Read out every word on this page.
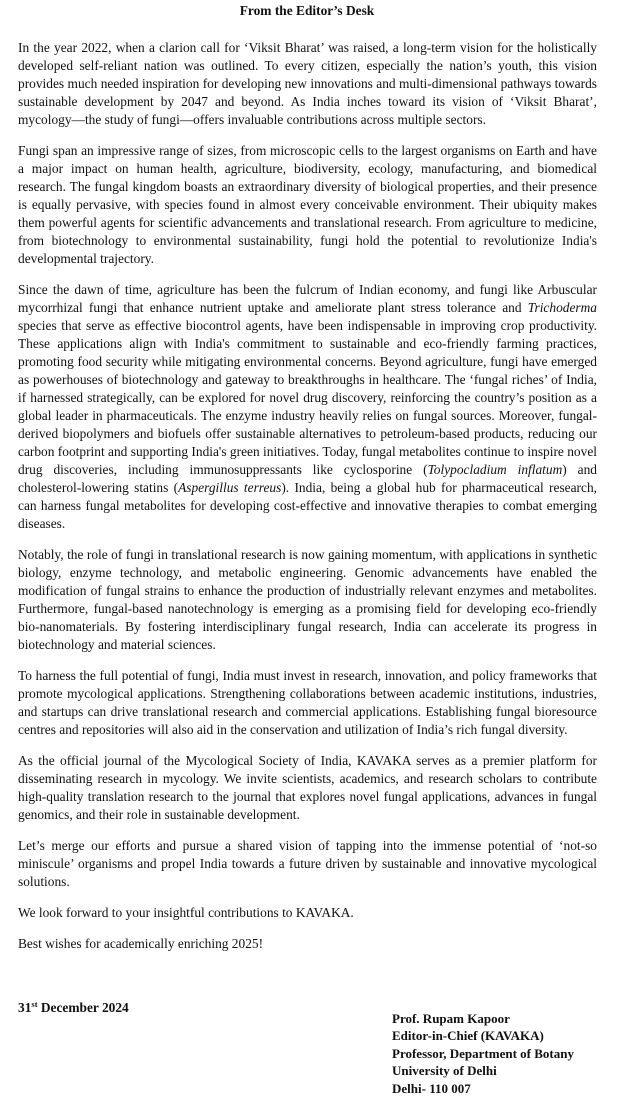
From the Editor’s Desk

In the year 2022, when a clarion call for ‘Viksit Bharat’ was raised, a long-term vision for the holistically developed self-reliant nation was outlined. To every citizen, especially the nation’s youth, this vision provides much needed inspiration for developing new innovations and multi-dimensional pathways towards sustainable development by 2047 and beyond. As India inches toward its vision of ‘Viksit Bharat’, mycology—the study of fungi—offers invaluable contributions across multiple sectors.

Fungi span an impressive range of sizes, from microscopic cells to the largest organisms on Earth and have a major impact on human health, agriculture, biodiversity, ecology, manufacturing, and biomedical research. The fungal kingdom boasts an extraordinary diversity of biological properties, and their presence is equally pervasive, with species found in almost every conceivable environment. Their ubiquity makes them powerful agents for scientific advancements and translational research. From agriculture to medicine, from biotechnology to environmental sustainability, fungi hold the potential to revolutionize India's developmental trajectory.

Since the dawn of time, agriculture has been the fulcrum of Indian economy, and fungi like Arbuscular mycorrhizal fungi that enhance nutrient uptake and ameliorate plant stress tolerance and Trichoderma species that serve as effective biocontrol agents, have been indispensable in improving crop productivity. These applications align with India's commitment to sustainable and eco-friendly farming practices, promoting food security while mitigating environmental concerns. Beyond agriculture, fungi have emerged as powerhouses of biotechnology and gateway to breakthroughs in healthcare. The ‘fungal riches’ of India, if harnessed strategically, can be explored for novel drug discovery, reinforcing the country’s position as a global leader in pharmaceuticals. The enzyme industry heavily relies on fungal sources. Moreover, fungal-derived biopolymers and biofuels offer sustainable alternatives to petroleum-based products, reducing our carbon footprint and supporting India's green initiatives. Today, fungal metabolites continue to inspire novel drug discoveries, including immunosuppressants like cyclosporine (Tolypocladium inflatum) and cholesterol-lowering statins (Aspergillus terreus). India, being a global hub for pharmaceutical research, can harness fungal metabolites for developing cost-effective and innovative therapies to combat emerging diseases.

Notably, the role of fungi in translational research is now gaining momentum, with applications in synthetic biology, enzyme technology, and metabolic engineering. Genomic advancements have enabled the modification of fungal strains to enhance the production of industrially relevant enzymes and metabolites. Furthermore, fungal-based nanotechnology is emerging as a promising field for developing eco-friendly bio-nanomaterials. By fostering interdisciplinary fungal research, India can accelerate its progress in biotechnology and material sciences.

To harness the full potential of fungi, India must invest in research, innovation, and policy frameworks that promote mycological applications. Strengthening collaborations between academic institutions, industries, and startups can drive translational research and commercial applications. Establishing fungal bioresource centres and repositories will also aid in the conservation and utilization of India’s rich fungal diversity.

As the official journal of the Mycological Society of India, KAVAKA serves as a premier platform for disseminating research in mycology. We invite scientists, academics, and research scholars to contribute high-quality translation research to the journal that explores novel fungal applications, advances in fungal genomics, and their role in sustainable development.

Let’s merge our efforts and pursue a shared vision of tapping into the immense potential of ‘not-so miniscule’ organisms and propel India towards a future driven by sustainable and innovative mycological solutions.

We look forward to your insightful contributions to KAVAKA.

Best wishes for academically enriching 2025!

31st December 2024
Prof. Rupam Kapoor
Editor-in-Chief (KAVAKA)
Professor, Department of Botany
University of Delhi
Delhi- 110 007
